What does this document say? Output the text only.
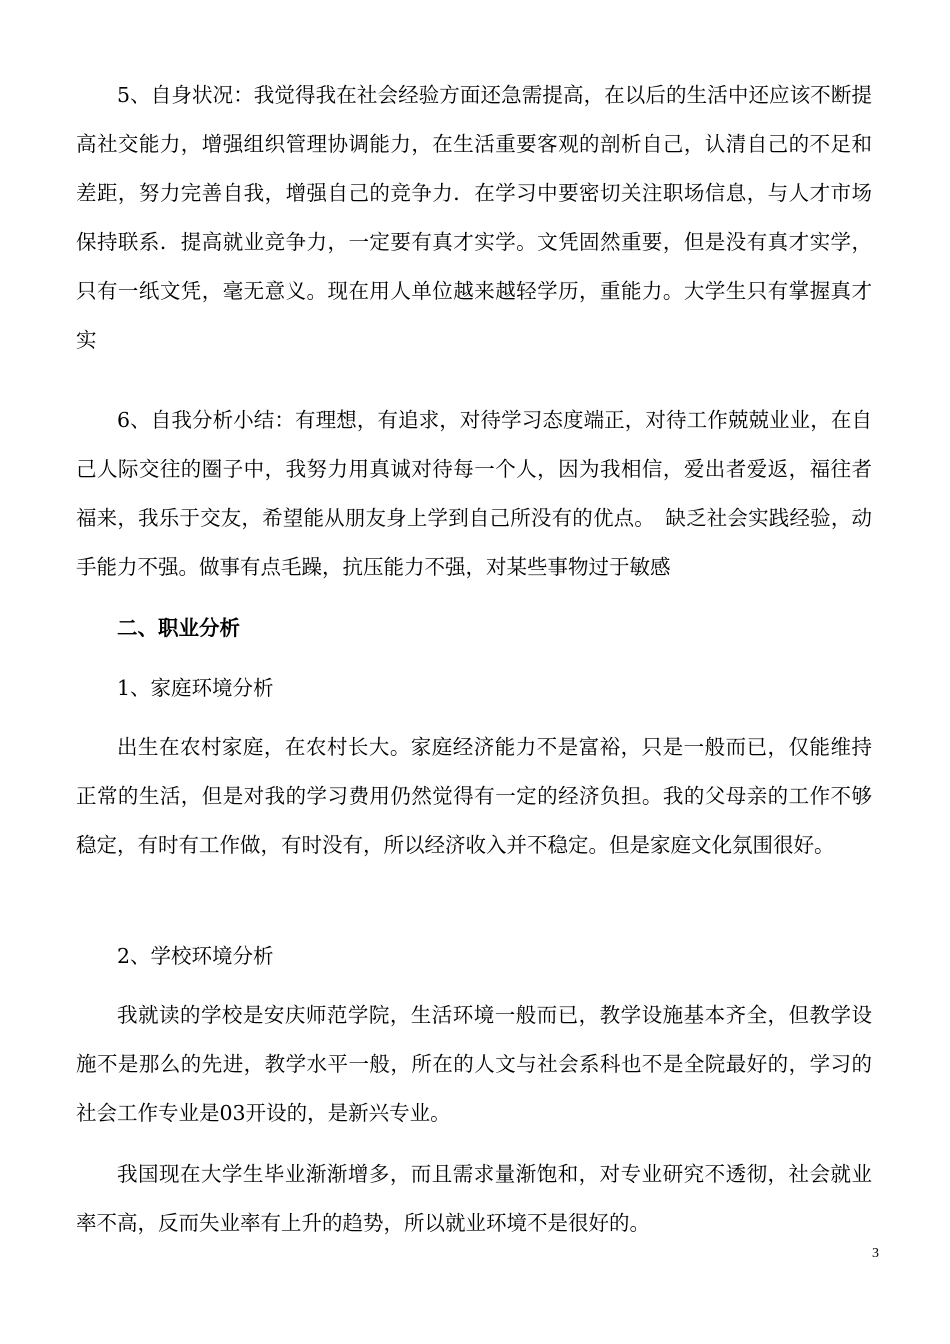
5、自身状况：我觉得我在社会经验方面还急需提高，在以后的生活中还应该不断提高社交能力，增强组织管理协调能力，在生活重要客观的剖析自己，认清自己的不足和差距，努力完善自我，增强自己的竞争力．在学习中要密切关注职场信息，与人才市场保持联系．提高就业竞争力，一定要有真才实学。文凭固然重要，但是没有真才实学，只有一纸文凭，毫无意义。现在用人单位越来越轻学历，重能力。大学生只有掌握真才实

6、自我分析小结：有理想，有追求，对待学习态度端正，对待工作兢兢业业，在自己人际交往的圈子中，我努力用真诚对待每一个人，因为我相信，爱出者爱返，福往者福来，我乐于交友，希望能从朋友身上学到自己所没有的优点。　缺乏社会实践经验，动手能力不强。做事有点毛躁，抗压能力不强，对某些事物过于敏感

二、职业分析
1、家庭环境分析

出生在农村家庭，在农村长大。家庭经济能力不是富裕，只是一般而已，仅能维持正常的生活，但是对我的学习费用仍然觉得有一定的经济负担。我的父母亲的工作不够稳定，有时有工作做，有时没有，所以经济收入并不稳定。但是家庭文化氛围很好。

2、学校环境分析

我就读的学校是安庆师范学院，生活环境一般而已，教学设施基本齐全，但教学设施不是那么的先进，教学水平一般，所在的人文与社会系科也不是全院最好的，学习的社会工作专业是03开设的，是新兴专业。

我国现在大学生毕业渐渐增多，而且需求量渐饱和，对专业研究不透彻，社会就业率不高，反而失业率有上升的趋势，所以就业环境不是很好的。

3
